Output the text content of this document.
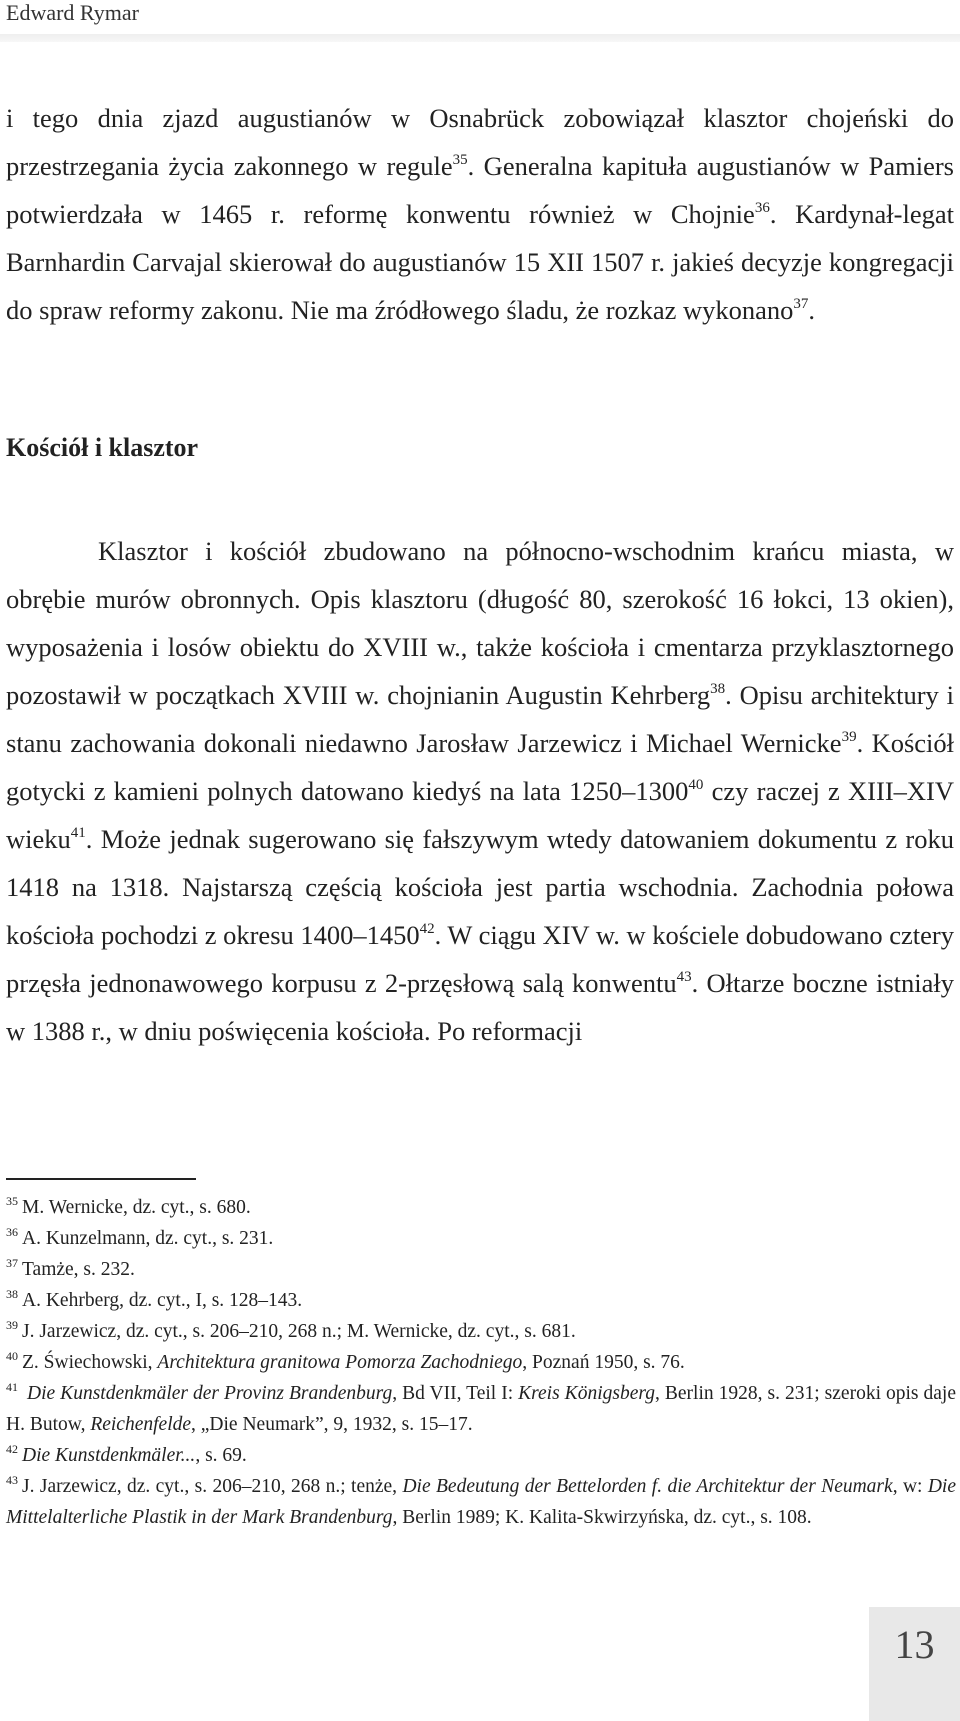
Edward Rymar

i tego dnia zjazd augustianów w Osnabrück zobowiązał klasztor chojeński do przestrzegania życia zakonnego w regule$^{35}$. Generalna kapituła augustianów w Pamiers potwierdzała w 1465 r. reformę konwentu również w Chojnie$^{36}$. Kardynał-legat Barnhardin Carvajal skierował do augustianów 15 XII 1507 r. jakieś decyzje kongregacji do spraw reformy zakonu. Nie ma źródłowego śladu, że rozkaz wykonano$^{37}$.

Kościół i klasztor

Klasztor i kościół zbudowano na północno-wschodnim krańcu miasta, w obrębie murów obronnych. Opis klasztoru (długość 80, szerokość 16 łokci, 13 okien), wyposażenia i losów obiektu do XVIII w., także kościoła i cmentarza przyklasztornego pozostawił w początkach XVIII w. chojnianin Augustin Kehrberg$^{38}$. Opisu architektury i stanu zachowania dokonali niedawno Jarosław Jarzewicz i Michael Wernicke$^{39}$. Kościół gotycki z kamieni polnych datowano kiedyś na lata 1250–1300$^{40}$ czy raczej z XIII–XIV wieku$^{41}$. Może jednak sugerowano się fałszywym wtedy datowaniem dokumentu z roku 1418 na 1318. Najstarszą częścią kościoła jest partia wschodnia. Zachodnia połowa kościoła pochodzi z okresu 1400–1450$^{42}$. W ciągu XIV w. w kościele dobudowano cztery przęsła jednonawowego korpusu z 2-przęsłową salą konwentu$^{43}$. Ołtarze boczne istniały w 1388 r., w dniu poświęcenia kościoła. Po reformacji

$^{35}$ M. Wernicke, dz. cyt., s. 680.
$^{36}$ A. Kunzelmann, dz. cyt., s. 231.
$^{37}$ Tamże, s. 232.
$^{38}$ A. Kehrberg, dz. cyt., I, s. 128–143.
$^{39}$ J. Jarzewicz, dz. cyt., s. 206–210, 268 n.; M. Wernicke, dz. cyt., s. 681.
$^{40}$ Z. Świechowski, Architektura granitowa Pomorza Zachodniego, Poznań 1950, s. 76.
$^{41}$ Die Kunstdenkmäler der Provinz Brandenburg, Bd VII, Teil I: Kreis Königsberg, Berlin 1928, s. 231; szeroki opis daje H. Butow, Reichenfelde, „Die Neumark”, 9, 1932, s. 15–17.
$^{42}$ Die Kunstdenkmäler..., s. 69.
$^{43}$ J. Jarzewicz, dz. cyt., s. 206–210, 268 n.; tenże, Die Bedeutung der Bettelorden f. die Architektur der Neumark, w: Die Mittelalterliche Plastik in der Mark Brandenburg, Berlin 1989; K. Kalita-Skwirzyńska, dz. cyt., s. 108.
13
